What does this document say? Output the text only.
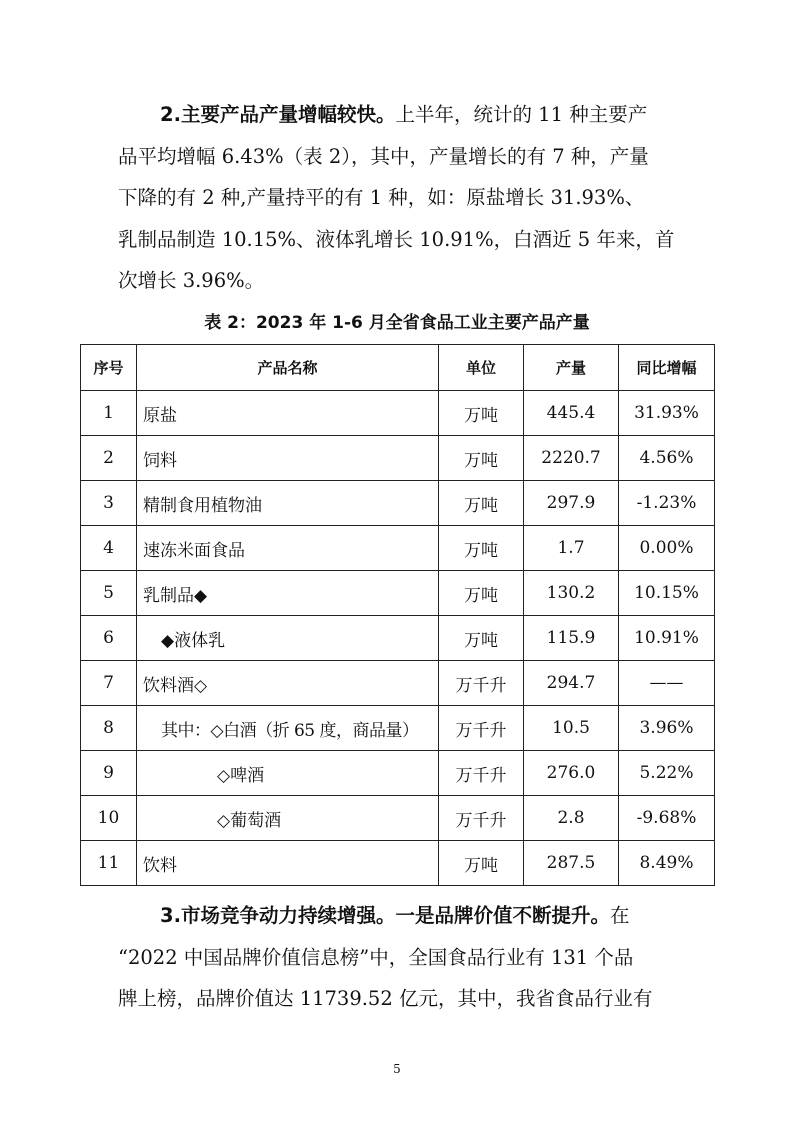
2.主要产品产量增幅较快。上半年，统计的 11 种主要产
品平均增幅 6.43%（表 2），其中，产量增长的有 7 种，产量
下降的有 2 种,产量持平的有 1 种，如：原盐增长 31.93%、
乳制品制造 10.15%、液体乳增长 10.91%，白酒近 5 年来，首
次增长 3.96%。
表 2：2023 年 1-6 月全省食品工业主要产品产量
序号	产品名称	单位	产量	同比增幅
1	原盐	万吨	445.4	31.93%
2	饲料	万吨	2220.7	4.56%
3	精制食用植物油	万吨	297.9	-1.23%
4	速冻米面食品	万吨	1.7	0.00%
5	乳制品◆	万吨	130.2	10.15%
6	◆液体乳	万吨	115.9	10.91%
7	饮料酒◇	万千升	294.7	——
8	其中：◇白酒（折 65 度，商品量）	万千升	10.5	3.96%
9	◇啤酒	万千升	276.0	5.22%
10	◇葡萄酒	万千升	2.8	-9.68%
11	饮料	万吨	287.5	8.49%
3.市场竞争动力持续增强。一是品牌价值不断提升。在
“2022 中国品牌价值信息榜”中，全国食品行业有 131 个品
牌上榜，品牌价值达 11739.52 亿元，其中，我省食品行业有
5
